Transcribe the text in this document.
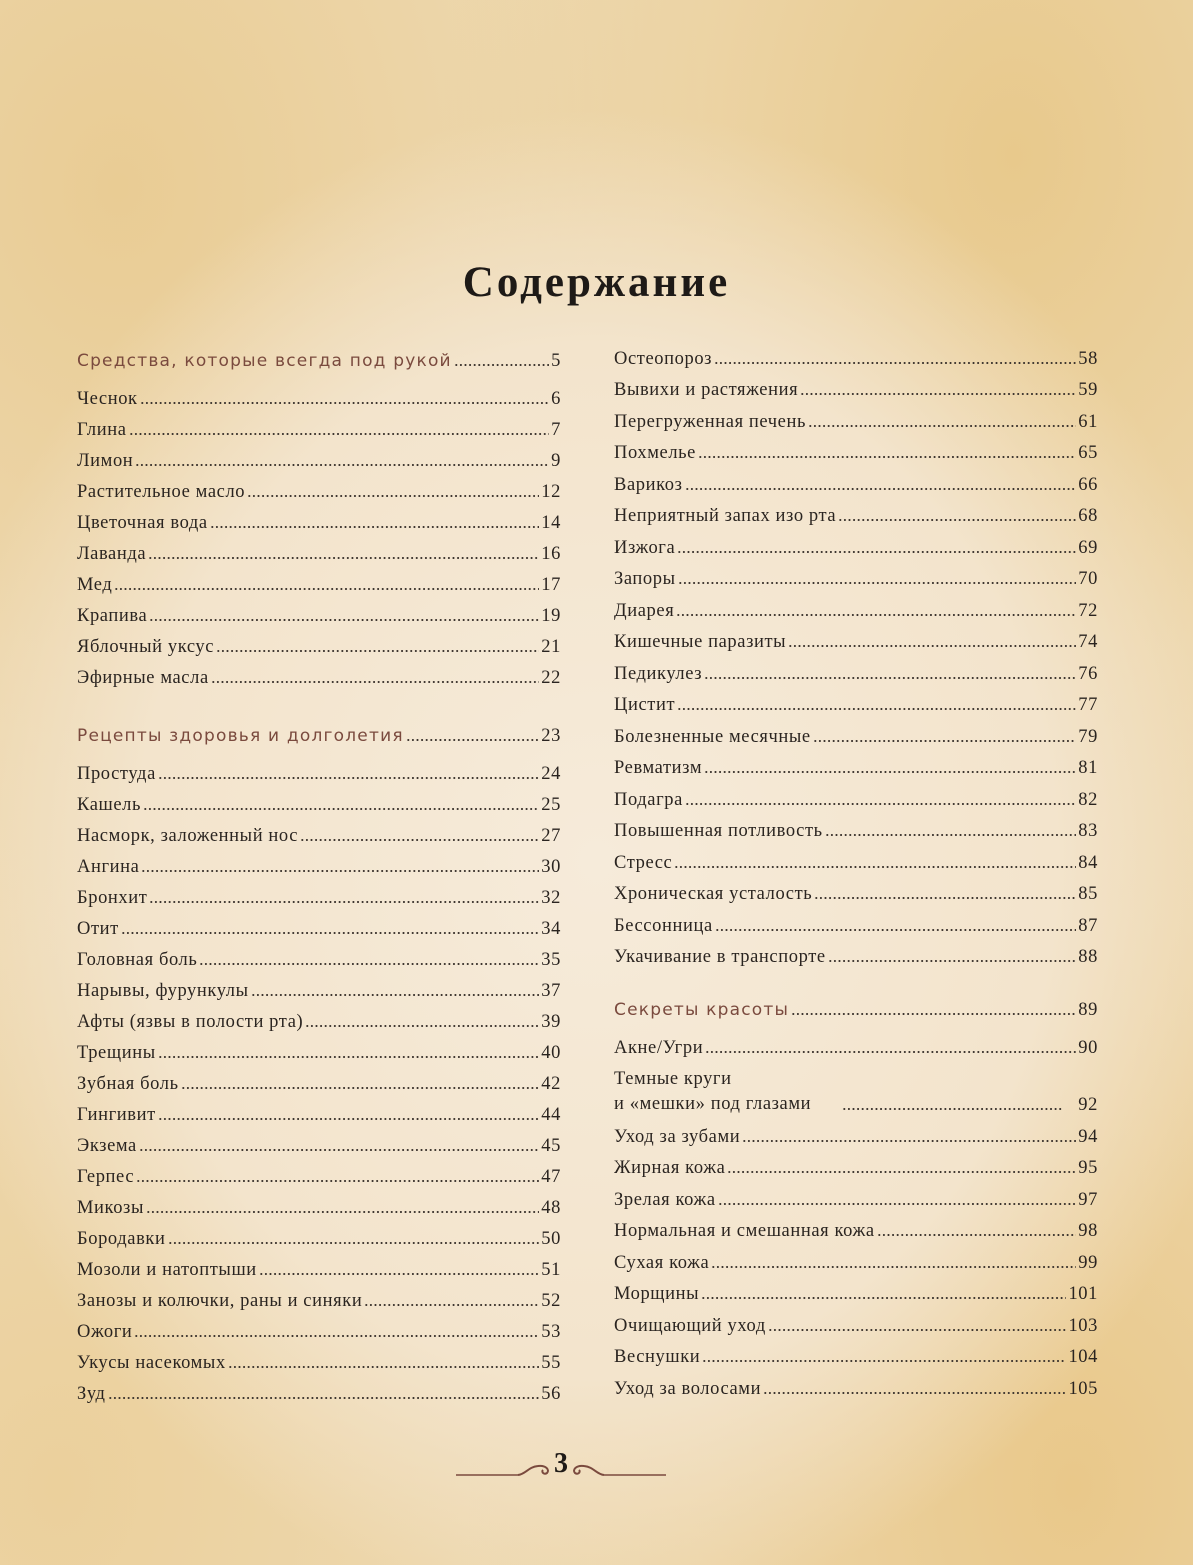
Содержание
Средства, которые всегда под рукой	5
Чеснок	6
Глина	7
Лимон	9
Растительное масло	12
Цветочная вода	14
Лаванда	16
Мед	17
Крапива	19
Яблочный уксус	21
Эфирные масла	22
Рецепты здоровья и долголетия	23
Простуда	24
Кашель	25
Насморк, заложенный нос	27
Ангина	30
Бронхит	32
Отит	34
Головная боль	35
Нарывы, фурункулы	37
Афты (язвы в полости рта)	39
Трещины	40
Зубная боль	42
Гингивит	44
Экзема	45
Герпес	47
Микозы	48
Бородавки	50
Мозоли и натоптыши	51
Занозы и колючки, раны и синяки	52
Ожоги	53
Укусы насекомых	55
Зуд	56
Остеопороз	58
Вывихи и растяжения	59
Перегруженная печень	61
Похмелье	65
Варикоз	66
Неприятный запах изо рта	68
Изжога	69
Запоры	70
Диарея	72
Кишечные паразиты	74
Педикулез	76
Цистит	77
Болезненные месячные	79
Ревматизм	81
Подагра	82
Повышенная потливость	83
Стресс	84
Хроническая усталость	85
Бессонница	87
Укачивание в транспорте	88
Секреты красоты	89
Акне/Угри	90
Темные круги
и «мешки» под глазами	92
Уход за зубами	94
Жирная кожа	95
Зрелая кожа	97
Нормальная и смешанная кожа	98
Сухая кожа	99
Морщины	101
Очищающий уход	103
Веснушки	104
Уход за волосами	105
3
